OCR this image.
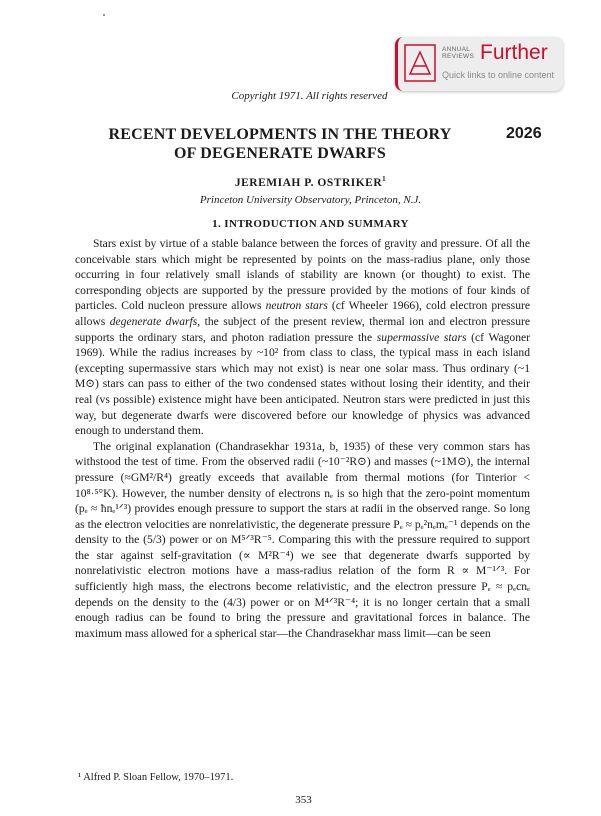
ANNUAL
REVIEWS Further
Quick links to online content
Copyright 1971. All rights reserved
RECENT DEVELOPMENTS IN THE THEORY
OF DEGENERATE DWARFS
2026
JEREMIAH P. OSTRIKER$^1$
Princeton University Observatory, Princeton, N.J.
1. INTRODUCTION AND SUMMARY

Stars exist by virtue of a stable balance between the forces of gravity and pressure. Of all the conceivable stars which might be represented by points on the mass-radius plane, only those occurring in four relatively small islands of stability are known (or thought) to exist. The corresponding objects are supported by the pressure provided by the motions of four kinds of particles. Cold nucleon pressure allows neutron stars (cf Wheeler 1966), cold electron pressure allows degenerate dwarfs, the subject of the present review, thermal ion and electron pressure supports the ordinary stars, and photon radiation pressure the supermassive stars (cf Wagoner 1969). While the radius increases by ~10² from class to class, the typical mass in each island (excepting supermassive stars which may not exist) is near one solar mass. Thus ordinary (~1 M⊙) stars can pass to either of the two condensed states without losing their identity, and their real (vs possible) existence might have been anticipated. Neutron stars were predicted in just this way, but degenerate dwarfs were discovered before our knowledge of physics was advanced enough to understand them.

The original explanation (Chandrasekhar 1931a, b, 1935) of these very common stars has withstood the test of time. From the observed radii (~10⁻²R⊙) and masses (~1M⊙), the internal pressure (≈GM²/R⁴) greatly exceeds that available from thermal motions (for Tinterior < 10⁸·⁵°K). However, the number density of electrons nₑ is so high that the zero-point momentum (pₑ ≈ ħnₑ¹ᐟ³) provides enough pressure to support the stars at radii in the observed range. So long as the electron velocities are nonrelativistic, the degenerate pressure Pₑ ≈ pₑ²nₑmₑ⁻¹ depends on the density to the (5/3) power or on M⁵ᐟ³R⁻⁵. Comparing this with the pressure required to support the star against self-gravitation (∝ M²R⁻⁴) we see that degenerate dwarfs supported by nonrelativistic electron motions have a mass-radius relation of the form R ∝ M⁻¹ᐟ³. For sufficiently high mass, the electrons become relativistic, and the electron pressure Pₑ ≈ pₑcnₑ depends on the density to the (4/3) power or on M⁴ᐟ³R⁻⁴; it is no longer certain that a small enough radius can be found to bring the pressure and gravitational forces in balance. The maximum mass allowed for a spherical star—the Chandrasekhar mass limit—can be seen

¹ Alfred P. Sloan Fellow, 1970–1971.
353
